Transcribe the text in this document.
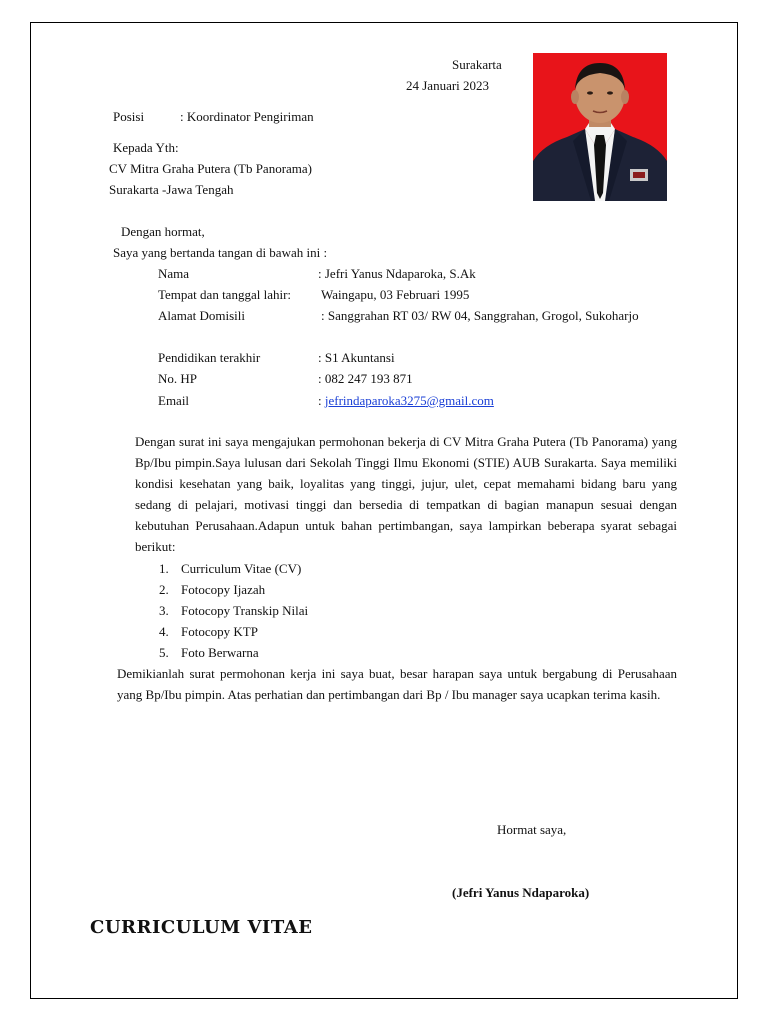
Surakarta
24 Januari 2023
Posisi	: Koordinator Pengiriman
Kepada Yth:
CV Mitra Graha Putera (Tb Panorama)
Surakarta -Jawa Tengah
Dengan hormat,
Saya yang bertanda tangan di bawah ini :
Nama	: Jefri Yanus Ndaparoka, S.Ak
Tempat dan tanggal lahir: Waingapu, 03 Februari 1995
Alamat Domisili	: Sanggrahan RT 03/ RW 04, Sanggrahan, Grogol, Sukoharjo
Pendidikan terakhir	: S1 Akuntansi
No. HP	: 082 247 193 871
Email	: jefrindaparoka3275@gmail.com
Dengan surat ini saya mengajukan permohonan bekerja di CV Mitra Graha Putera (Tb Panorama) yang Bp/Ibu pimpin.Saya lulusan dari Sekolah Tinggi Ilmu Ekonomi (STIE) AUB Surakarta. Saya memiliki kondisi kesehatan yang baik, loyalitas yang tinggi, jujur, ulet, cepat memahami bidang baru yang sedang di pelajari, motivasi tinggi dan bersedia di tempatkan di bagian manapun sesuai dengan kebutuhan Perusahaan.Adapun untuk bahan pertimbangan, saya lampirkan beberapa syarat sebagai berikut:
1. Curriculum Vitae (CV)
2. Fotocopy Ijazah
3. Fotocopy Transkip Nilai
4. Fotocopy KTP
5. Foto Berwarna
Demikianlah surat permohonan kerja ini saya buat, besar harapan saya untuk bergabung di Perusahaan yang Bp/Ibu pimpin. Atas perhatian dan pertimbangan dari Bp / Ibu manager saya ucapkan terima kasih.
Hormat saya,
(Jefri Yanus Ndaparoka)
CURRICULUM VITAE
